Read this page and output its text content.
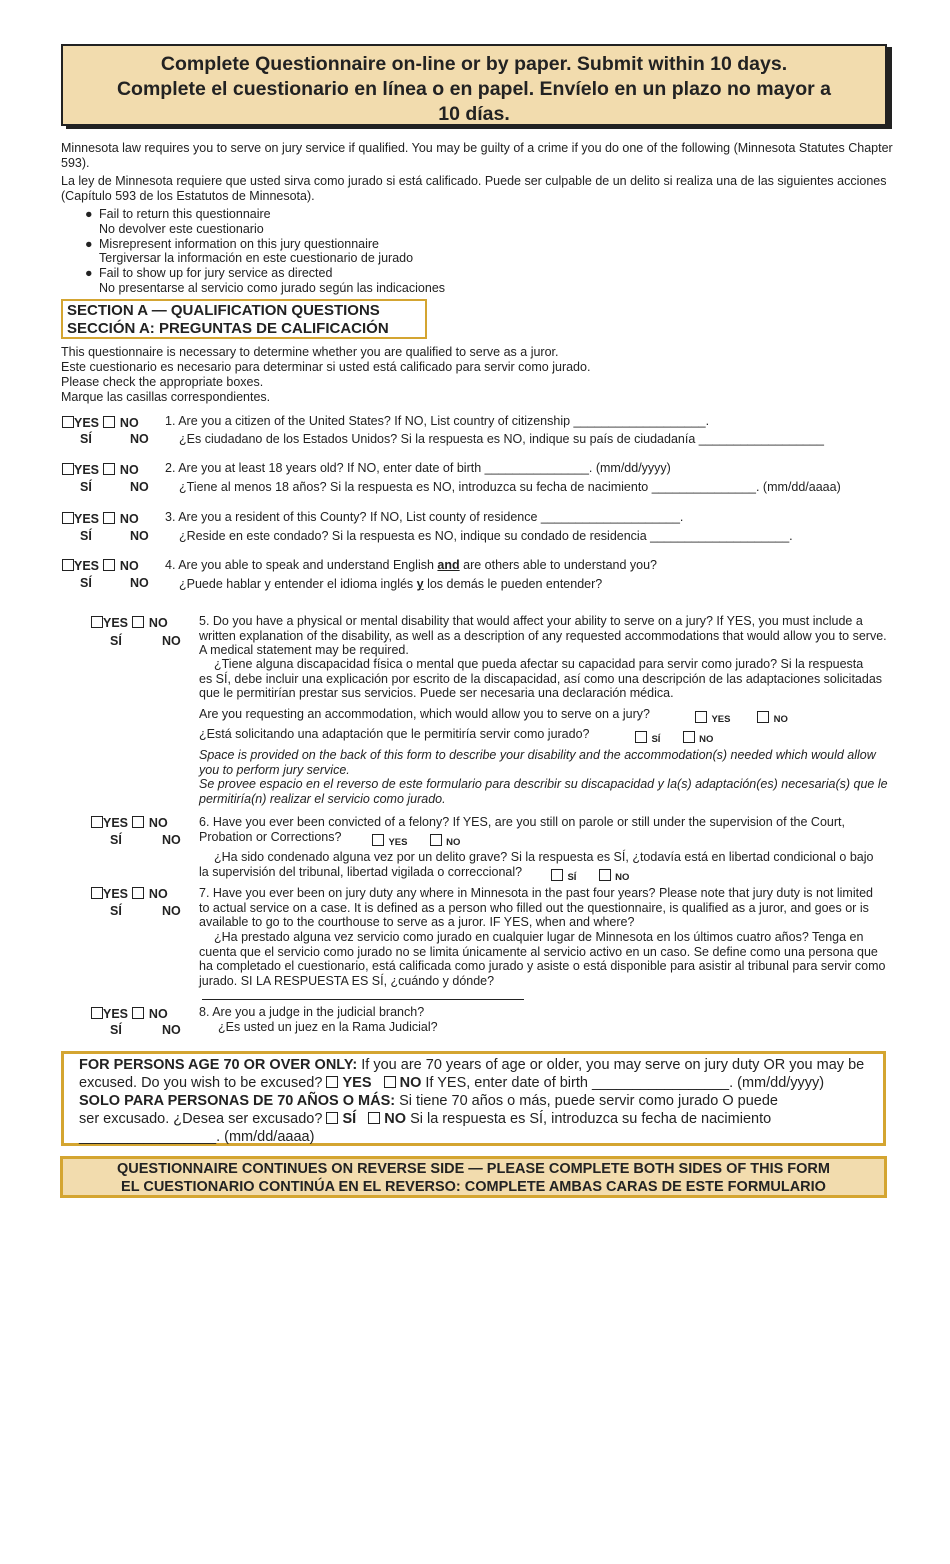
Complete Questionnaire on-line or by paper. Submit within 10 days.
Complete el cuestionario en línea o en papel. Envíelo en un plazo no mayor a
10 días.
Minnesota law requires you to serve on jury service if qualified. You may be guilty of a crime if you do one of the following (Minnesota Statutes Chapter
593).
La ley de Minnesota requiere que usted sirva como jurado si está calificado. Puede ser culpable de un delito si realiza una de las siguientes acciones
(Capítulo 593 de los Estatutos de Minnesota).
● Fail to return this questionnaire
No devolver este cuestionario
● Misrepresent information on this jury questionnaire
Tergiversar la información en este cuestionario de jurado
● Fail to show up for jury service as directed
No presentarse al servicio como jurado según las indicaciones
SECTION A — QUALIFICATION QUESTIONS
SECCIÓN A: PREGUNTAS DE CALIFICACIÓN
This questionnaire is necessary to determine whether you are qualified to serve as a juror.
Este cuestionario es necesario para determinar si usted está calificado para servir como jurado.
Please check the appropriate boxes.
Marque las casillas correspondientes.
YES NO
SÍ	NO
1. Are you a citizen of the United States? If NO, List country of citizenship ___________________.
¿Es ciudadano de los Estados Unidos? Si la respuesta es NO, indique su país de ciudadanía __________________
YES NO
SÍ	NO
2. Are you at least 18 years old? If NO, enter date of birth _______________. (mm/dd/yyyy)
¿Tiene al menos 18 años? Si la respuesta es NO, introduzca su fecha de nacimiento _______________. (mm/dd/aaaa)
YES NO
SÍ	NO
3. Are you a resident of this County? If NO, List county of residence ____________________.
¿Reside en este condado? Si la respuesta es NO, indique su condado de residencia ____________________.
YES NO
SÍ	NO
4. Are you able to speak and understand English and are others able to understand you?
¿Puede hablar y entender el idioma inglés y los demás le pueden entender?
YES NO
SÍ	NO
5. Do you have a physical or mental disability that would affect your ability to serve on a jury? If YES, you must include a
written explanation of the disability, as well as a description of any requested accommodations that would allow you to serve.
A medical statement may be required.
¿Tiene alguna discapacidad física o mental que pueda afectar su capacidad para servir como jurado? Si la respuesta
es SÍ, debe incluir una explicación por escrito de la discapacidad, así como una descripción de las adaptaciones solicitadas
que le permitirían prestar sus servicios. Puede ser necesaria una declaración médica.
Are you requesting an accommodation, which would allow you to serve on a jury?	YES	NO
¿Está solicitando una adaptación que le permitiría servir como jurado?	SÍ	NO
Space is provided on the back of this form to describe your disability and the accommodation(s) needed which would allow
you to perform jury service.
Se provee espacio en el reverso de este formulario para describir su discapacidad y la(s) adaptación(es) necesaria(s) que le
permitiría(n) realizar el servicio como jurado.
YES NO
SÍ	NO
6. Have you ever been convicted of a felony? If YES, are you still on parole or still under the supervision of the Court,
Probation or Corrections?	YES	NO
¿Ha sido condenado alguna vez por un delito grave? Si la respuesta es SÍ, ¿todavía está en libertad condicional o bajo
la supervisión del tribunal, libertad vigilada o correccional?	SÍ	NO
YES NO
SÍ	NO
7. Have you ever been on jury duty any where in Minnesota in the past four years? Please note that jury duty is not limited
to actual service on a case. It is defined as a person who filled out the questionnaire, is qualified as a juror, and goes or is
available to go to the courthouse to serve as a juror. IF YES, when and where?
¿Ha prestado alguna vez servicio como jurado en cualquier lugar de Minnesota en los últimos cuatro años? Tenga en
cuenta que el servicio como jurado no se limita únicamente al servicio activo en un caso. Se define como una persona que
ha completado el cuestionario, está calificada como jurado y asiste o está disponible para asistir al tribunal para servir como
jurado. SI LA RESPUESTA ES SÍ, ¿cuándo y dónde?
YES NO
SÍ	NO
8. Are you a judge in the judicial branch?
¿Es usted un juez en la Rama Judicial?
FOR PERSONS AGE 70 OR OVER ONLY: If you are 70 years of age or older, you may serve on jury duty OR you may be
excused. Do you wish to be excused? YES NO If YES, enter date of birth _________________. (mm/dd/yyyy)
SOLO PARA PERSONAS DE 70 AÑOS O MÁS: Si tiene 70 años o más, puede servir como jurado O puede
ser excusado. ¿Desea ser excusado? SÍ NO Si la respuesta es SÍ, introduzca su fecha de nacimiento
_________________. (mm/dd/aaaa)
QUESTIONNAIRE CONTINUES ON REVERSE SIDE — PLEASE COMPLETE BOTH SIDES OF THIS FORM
EL CUESTIONARIO CONTINÚA EN EL REVERSO: COMPLETE AMBAS CARAS DE ESTE FORMULARIO
